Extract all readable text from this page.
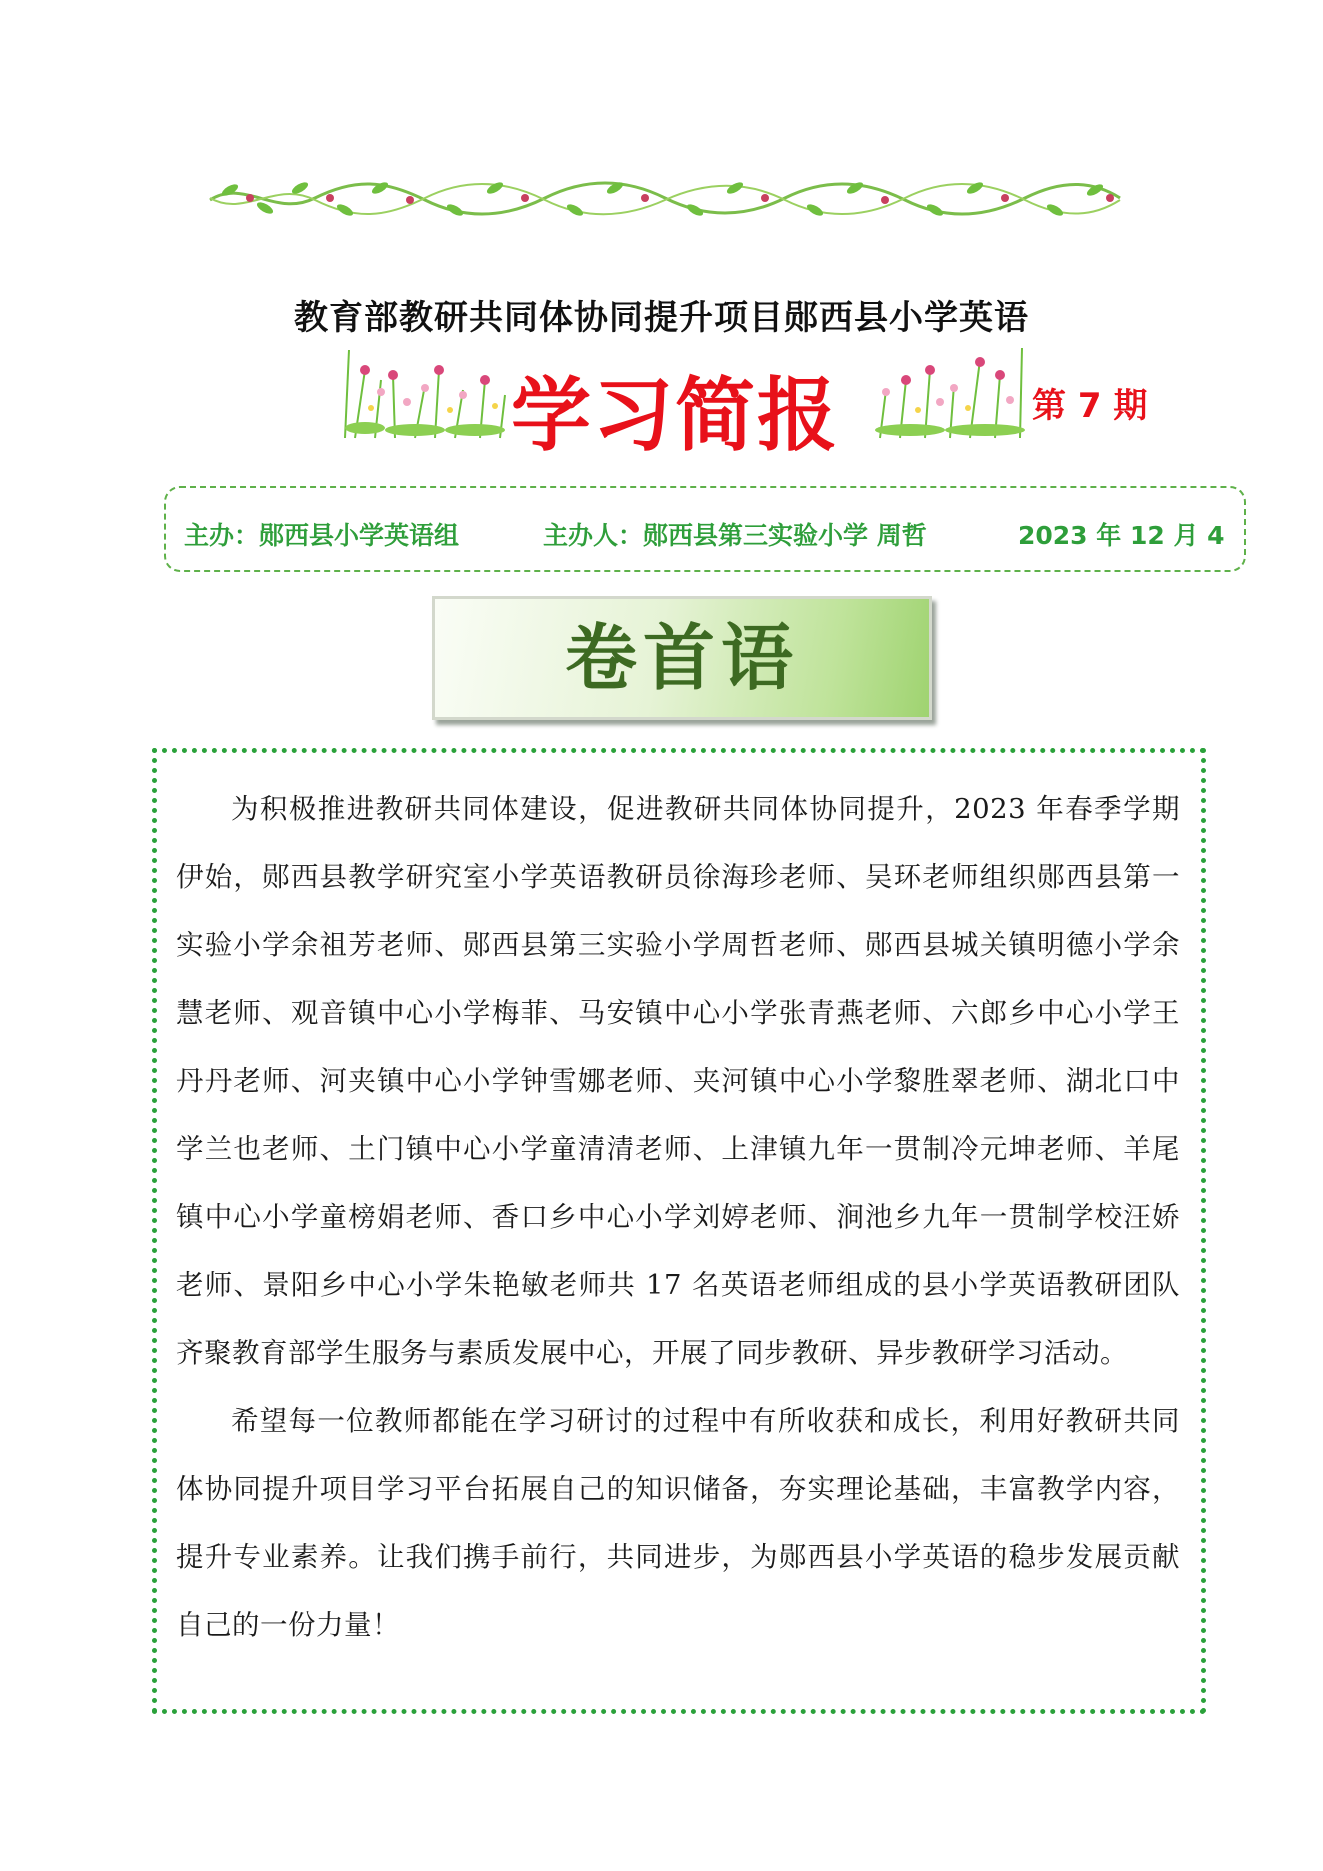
教育部教研共同体协同提升项目郧西县小学英语
学习简报	第 7 期
主办：郧西县小学英语组	主办人：郧西县第三实验小学 周哲	2023 年 12 月 4
卷首语

为积极推进教研共同体建设，促进教研共同体协同提升，2023 年春季学期伊始，郧西县教学研究室小学英语教研员徐海珍老师、吴环老师组织郧西县第一实验小学余祖芳老师、郧西县第三实验小学周哲老师、郧西县城关镇明德小学余慧老师、观音镇中心小学梅菲、马安镇中心小学张青燕老师、六郎乡中心小学王丹丹老师、河夹镇中心小学钟雪娜老师、夹河镇中心小学黎胜翠老师、湖北口中学兰也老师、土门镇中心小学童清清老师、上津镇九年一贯制冷元坤老师、羊尾镇中心小学童榜娟老师、香口乡中心小学刘婷老师、涧池乡九年一贯制学校汪娇老师、景阳乡中心小学朱艳敏老师共 17 名英语老师组成的县小学英语教研团队齐聚教育部学生服务与素质发展中心，开展了同步教研、异步教研学习活动。

希望每一位教师都能在学习研讨的过程中有所收获和成长，利用好教研共同体协同提升项目学习平台拓展自己的知识储备，夯实理论基础，丰富教学内容，提升专业素养。让我们携手前行，共同进步，为郧西县小学英语的稳步发展贡献自己的一份力量！
